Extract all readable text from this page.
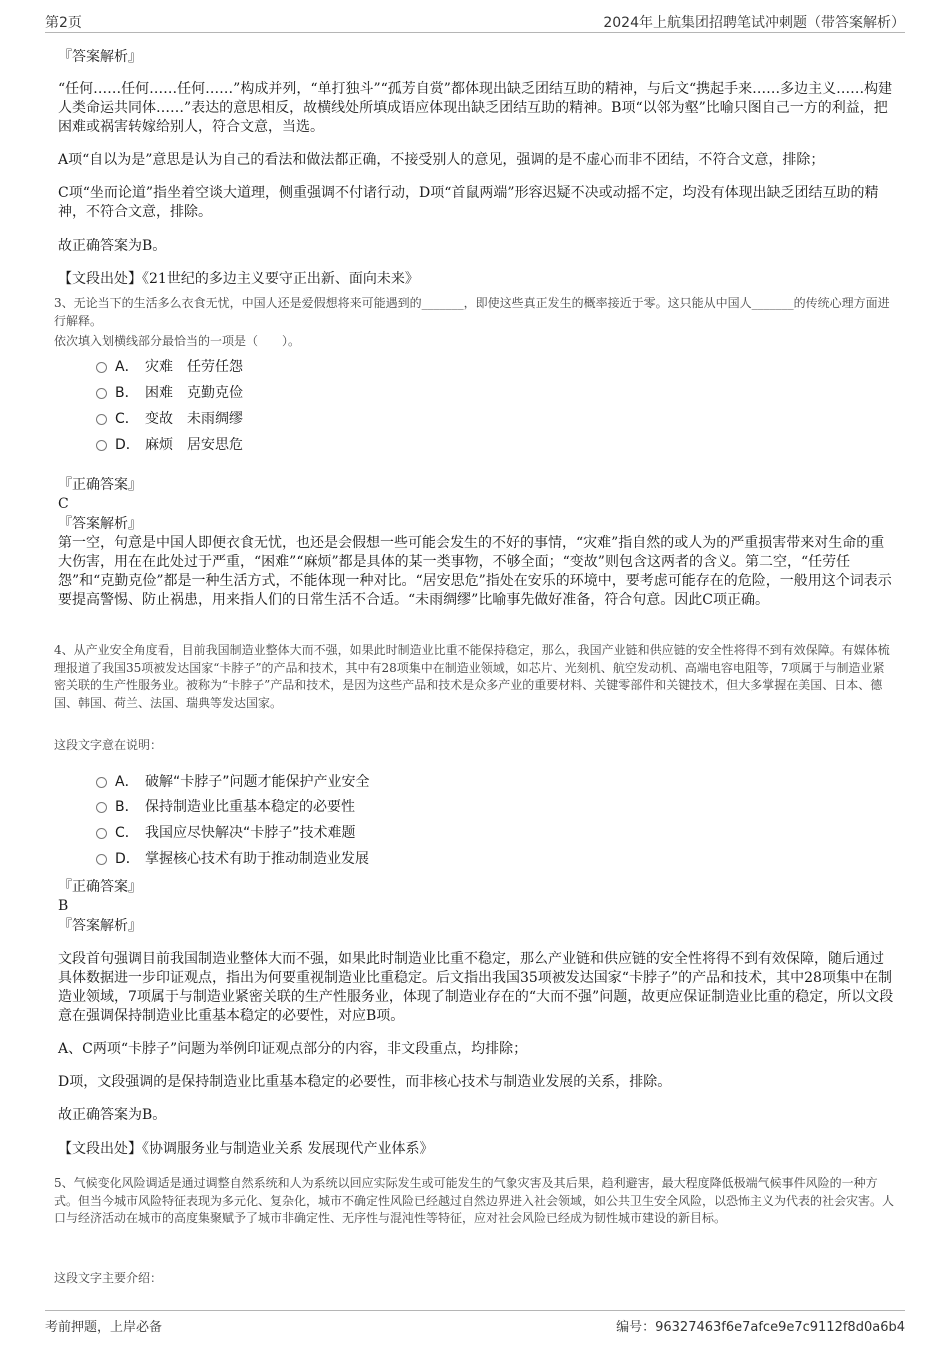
第2页	2024年上航集团招聘笔试冲刺题（带答案解析）

『答案解析』

“任何……任何……任何……”构成并列，“单打独斗”“孤芳自赏”都体现出缺乏团结互助的精神，与后文“携起手来……多边主义……构建人类命运共同体……”表达的意思相反，故横线处所填成语应体现出缺乏团结互助的精神。B项“以邻为壑”比喻只图自己一方的利益，把困难或祸害转嫁给别人，符合文意，当选。

A项“自以为是”意思是认为自己的看法和做法都正确，不接受别人的意见，强调的是不虚心而非不团结，不符合文意，排除；

C项“坐而论道”指坐着空谈大道理，侧重强调不付诸行动，D项“首鼠两端”形容迟疑不决或动摇不定，均没有体现出缺乏团结互助的精神，不符合文意，排除。

故正确答案为B。

【文段出处】《21世纪的多边主义要守正出新、面向未来》

3、无论当下的生活多么衣食无忧，中国人还是爱假想将来可能遇到的_______，即使这些真正发生的概率接近于零。这只能从中国人_______的传统心理方面进行解释。

依次填入划横线部分最恰当的一项是（　　）。

A． 灾难 任劳任怨
B． 困难 克勤克俭
C． 变故 未雨绸缪
D． 麻烦 居安思危

『正确答案』

C

『答案解析』

第一空，句意是中国人即便衣食无忧，也还是会假想一些可能会发生的不好的事情，“灾难”指自然的或人为的严重损害带来对生命的重大伤害，用在在此处过于严重，“困难”“麻烦”都是具体的某一类事物，不够全面；“变故”则包含这两者的含义。第二空，“任劳任怨”和“克勤克俭”都是一种生活方式，不能体现一种对比。“居安思危”指处在安乐的环境中，要考虑可能存在的危险，一般用这个词表示要提高警惕、防止祸患，用来指人们的日常生活不合适。“未雨绸缪”比喻事先做好准备，符合句意。因此C项正确。

4、从产业安全角度看，目前我国制造业整体大而不强，如果此时制造业比重不能保持稳定，那么，我国产业链和供应链的安全性将得不到有效保障。有媒体梳理报道了我国35项被发达国家“卡脖子”的产品和技术，其中有28项集中在制造业领域，如芯片、光刻机、航空发动机、高端电容电阻等，7项属于与制造业紧密关联的生产性服务业。被称为“卡脖子”产品和技术，是因为这些产品和技术是众多产业的重要材料、关键零部件和关键技术，但大多掌握在美国、日本、德国、韩国、荷兰、法国、瑞典等发达国家。

这段文字意在说明：

A． 破解“卡脖子”问题才能保护产业安全
B． 保持制造业比重基本稳定的必要性
C． 我国应尽快解决“卡脖子”技术难题
D． 掌握核心技术有助于推动制造业发展

『正确答案』

B

『答案解析』

文段首句强调目前我国制造业整体大而不强，如果此时制造业比重不稳定，那么产业链和供应链的安全性将得不到有效保障，随后通过具体数据进一步印证观点，指出为何要重视制造业比重稳定。后文指出我国35项被发达国家“卡脖子”的产品和技术，其中28项集中在制造业领域，7项属于与制造业紧密关联的生产性服务业，体现了制造业存在的“大而不强”问题，故更应保证制造业比重的稳定，所以文段意在强调保持制造业比重基本稳定的必要性，对应B项。

A、C两项“卡脖子”问题为举例印证观点部分的内容，非文段重点，均排除；

D项，文段强调的是保持制造业比重基本稳定的必要性，而非核心技术与制造业发展的关系，排除。

故正确答案为B。

【文段出处】《协调服务业与制造业关系 发展现代产业体系》

5、气候变化风险调适是通过调整自然系统和人为系统以回应实际发生或可能发生的气象灾害及其后果，趋利避害，最大程度降低极端气候事件风险的一种方式。但当今城市风险特征表现为多元化、复杂化，城市不确定性风险已经越过自然边界进入社会领域，如公共卫生安全风险，以恐怖主义为代表的社会灾害。人口与经济活动在城市的高度集聚赋予了城市非确定性、无序性与混沌性等特征，应对社会风险已经成为韧性城市建设的新目标。

这段文字主要介绍：

考前押题，上岸必备	编号：96327463f6e7afce9e7c9112f8d0a6b4
